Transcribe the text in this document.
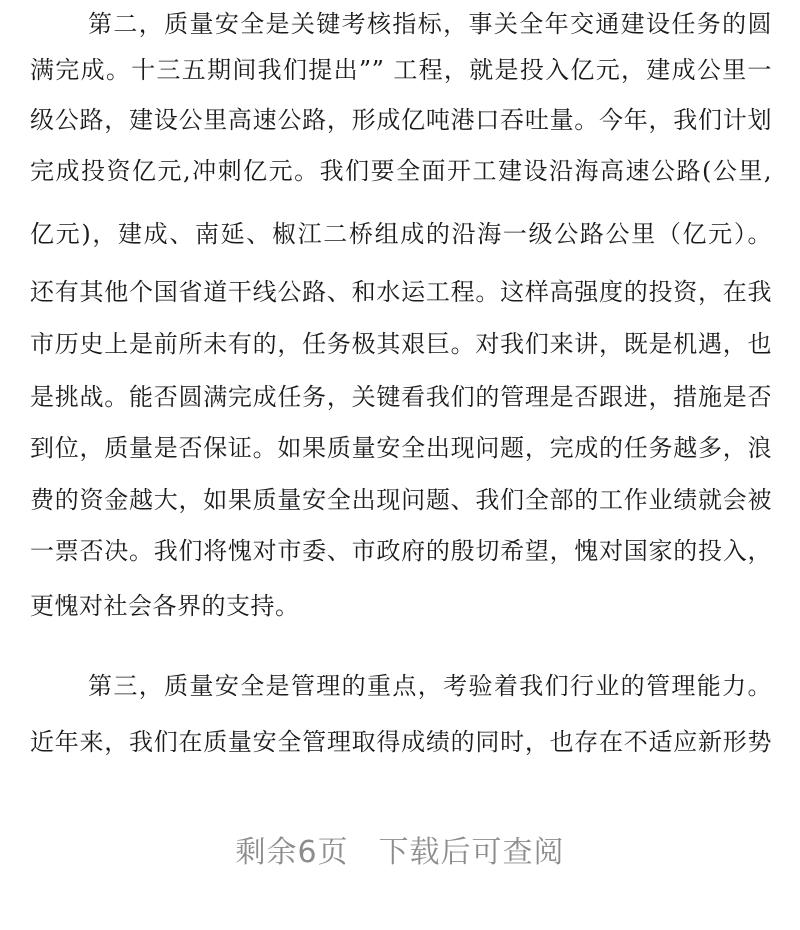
第二，质量安全是关键考核指标，事关全年交通建设任务的圆
满完成。十三五期间我们提出”” 工程，就是投入亿元，建成公里一
级公路，建设公里高速公路，形成亿吨港口吞吐量。今年，我们计划
完成投资亿元,冲刺亿元。我们要全面开工建设沿海高速公路(公里,
亿元)，建成、南延、椒江二桥组成的沿海一级公路公里（亿元）。
还有其他个国省道干线公路、和水运工程。这样高强度的投资，在我
市历史上是前所未有的，任务极其艰巨。对我们来讲，既是机遇，也
是挑战。能否圆满完成任务，关键看我们的管理是否跟进，措施是否
到位，质量是否保证。如果质量安全出现问题，完成的任务越多，浪
费的资金越大，如果质量安全出现问题、我们全部的工作业绩就会被
一票否决。我们将愧对市委、市政府的殷切希望，愧对国家的投入，
更愧对社会各界的支持。
第三，质量安全是管理的重点，考验着我们行业的管理能力。
近年来，我们在质量安全管理取得成绩的同时，也存在不适应新形势
剩余6页 下载后可查阅
